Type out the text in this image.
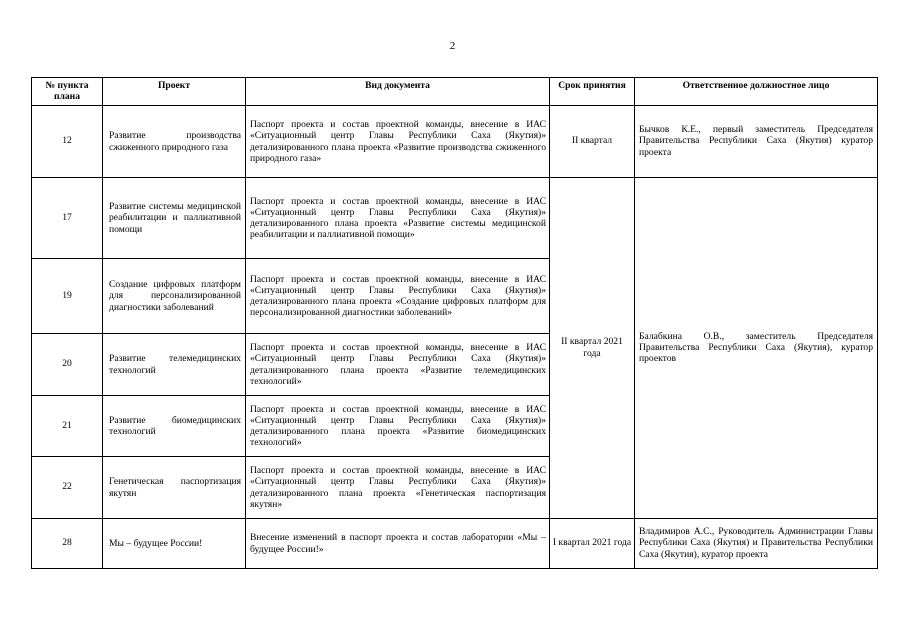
2
№ пункта плана	Проект	Вид документа	Срок принятия	Ответственное должностное лицо
12	Развитие производства сжиженного природного газа	Паспорт проекта и состав проектной команды, внесение в ИАС «Ситуационный центр Главы Республики Саха (Якутия)» детализированного плана проекта «Развитие производства сжиженного природного газа»	II квартал	Бычков К.Е., первый заместитель Председателя Правительства Республики Саха (Якутия) куратор проекта
17	Развитие системы медицинской реабилитации и паллиативной помощи	Паспорт проекта и состав проектной команды, внесение в ИАС «Ситуационный центр Главы Республики Саха (Якутия)» детализированного плана проекта «Развитие системы медицинской реабилитации и паллиативной помощи»	II квартал 2021 года	Балабкина О.В., заместитель Председателя Правительства Республики Саха (Якутия), куратор проектов
19	Создание цифровых платформ для персонализированной диагностики заболеваний	Паспорт проекта и состав проектной команды, внесение в ИАС «Ситуационный центр Главы Республики Саха (Якутия)» детализированного плана проекта «Создание цифровых платформ для персонализированной диагностики заболеваний»		
20	Развитие телемедицинских технологий	Паспорт проекта и состав проектной команды, внесение в ИАС «Ситуационный центр Главы Республики Саха (Якутия)» детализированного плана проекта «Развитие телемедицинских технологий»		
21	Развитие биомедицинских технологий	Паспорт проекта и состав проектной команды, внесение в ИАС «Ситуационный центр Главы Республики Саха (Якутия)» детализированного плана проекта «Развитие биомедицинских технологий»		
22	Генетическая паспортизация якутян	Паспорт проекта и состав проектной команды, внесение в ИАС «Ситуационный центр Главы Республики Саха (Якутия)» детализированного плана проекта «Генетическая паспортизация якутян»		
28	Мы – будущее России!	Внесение изменений в паспорт проекта и состав лаборатории «Мы – будущее России!»	I квартал 2021 года	Владимиров А.С., Руководитель Администрации Главы Республики Саха (Якутия) и Правительства Республики Саха (Якутия), куратор проекта
